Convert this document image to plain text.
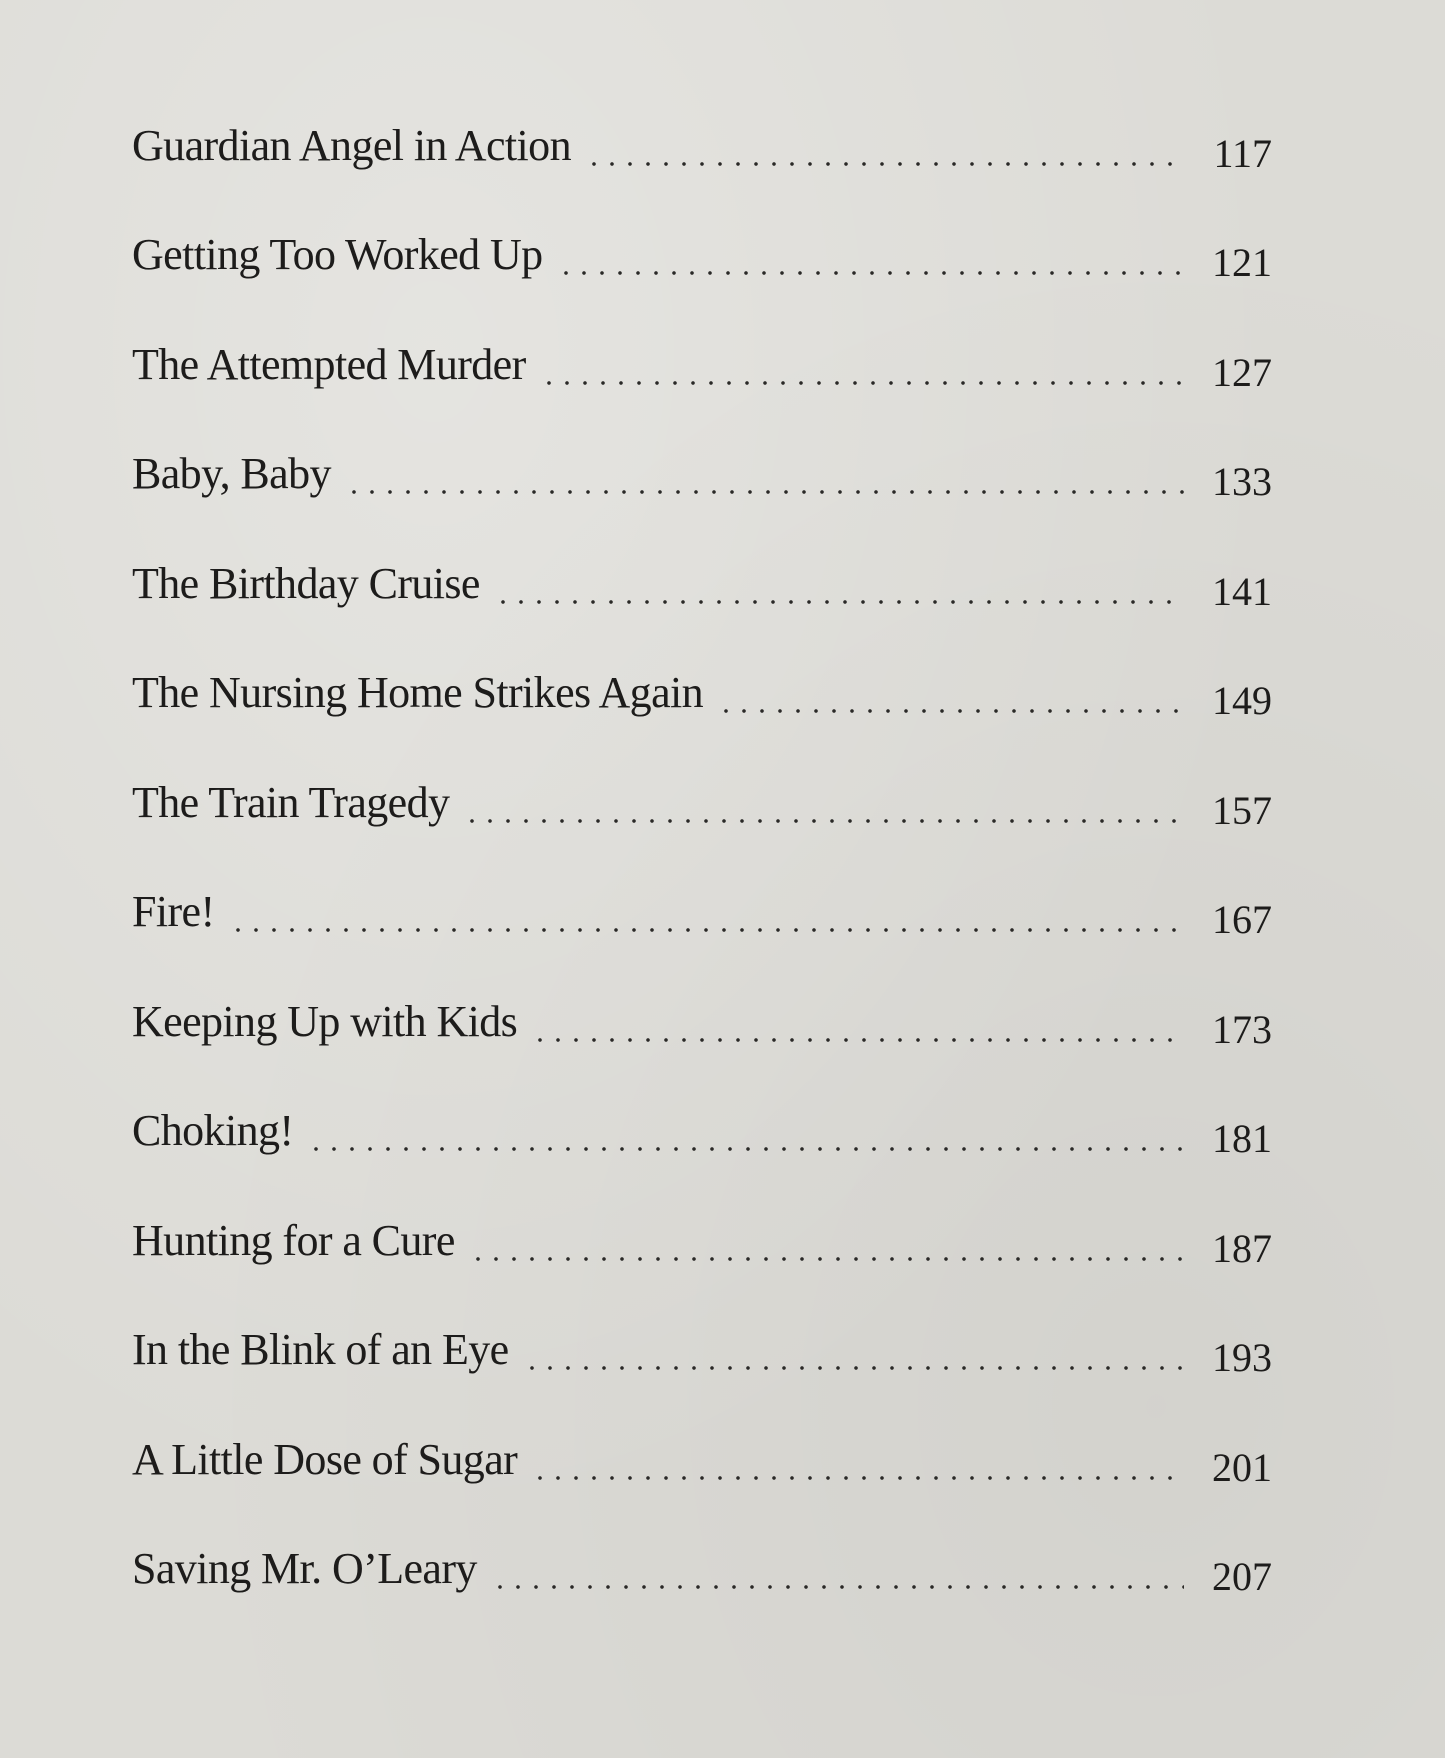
Guardian Angel in Action	117
Getting Too Worked Up	121
The Attempted Murder	127
Baby, Baby	133
The Birthday Cruise	141
The Nursing Home Strikes Again	149
The Train Tragedy	157
Fire!	167
Keeping Up with Kids	173
Choking!	181
Hunting for a Cure	187
In the Blink of an Eye	193
A Little Dose of Sugar	201
Saving Mr. O’Leary	207
